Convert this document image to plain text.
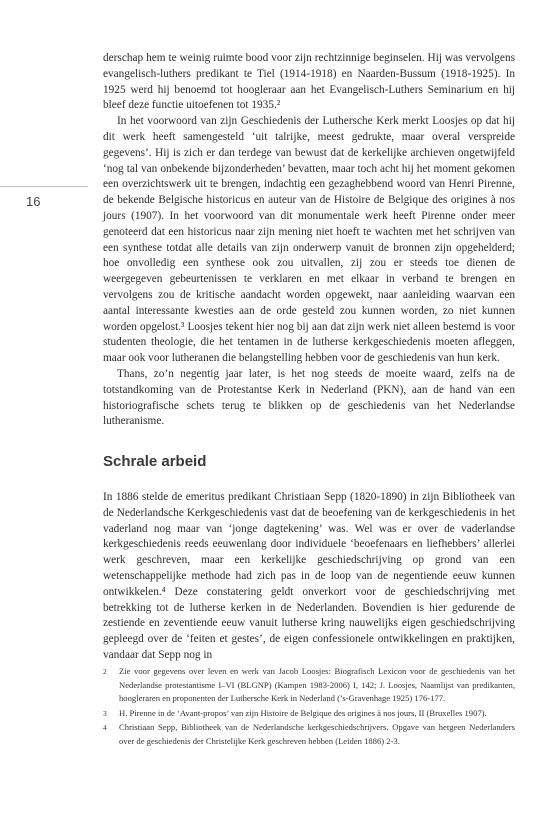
16

derschap hem te weinig ruimte bood voor zijn rechtzinnige beginselen. Hij was vervolgens evangelisch-luthers predikant te Tiel (1914-1918) en Naarden-Bussum (1918-1925). In 1925 werd hij benoemd tot hoogleraar aan het Evangelisch-Luthers Seminarium en hij bleef deze functie uitoefenen tot 1935.²

In het voorwoord van zijn Geschiedenis der Luthersche Kerk merkt Loosjes op dat hij dit werk heeft samengesteld ‘uit talrijke, meest gedrukte, maar overal verspreide gegevens’. Hij is zich er dan terdege van bewust dat de kerkelijke archieven ongetwijfeld ‘nog tal van onbekende bijzonderheden’ bevatten, maar toch acht hij het moment gekomen een overzichtswerk uit te brengen, indachtig een gezaghebbend woord van Henri Pirenne, de bekende Belgische historicus en auteur van de Histoire de Belgique des origines à nos jours (1907). In het voorwoord van dit monumentale werk heeft Pirenne onder meer genoteerd dat een historicus naar zijn mening niet hoeft te wachten met het schrijven van een synthese totdat alle details van zijn onderwerp vanuit de bronnen zijn opgehelderd; hoe onvolledig een synthese ook zou uitvallen, zij zou er steeds toe dienen de weergegeven gebeurtenissen te verklaren en met elkaar in verband te brengen en vervolgens zou de kritische aandacht worden opgewekt, naar aanleiding waarvan een aantal interessante kwesties aan de orde gesteld zou kunnen worden, zo niet kunnen worden opgelost.³ Loosjes tekent hier nog bij aan dat zijn werk niet alleen bestemd is voor studenten theologie, die het tentamen in de lutherse kerkgeschiedenis moeten afleggen, maar ook voor lutheranen die belangstelling hebben voor de geschiedenis van hun kerk.

Thans, zo’n negentig jaar later, is het nog steeds de moeite waard, zelfs na de totstandkoming van de Protestantse Kerk in Nederland (PKN), aan de hand van een historiografische schets terug te blikken op de geschiedenis van het Nederlandse lutheranisme.

Schrale arbeid

In 1886 stelde de emeritus predikant Christiaan Sepp (1820-1890) in zijn Bibliotheek van de Nederlandsche Kerkgeschiedenis vast dat de beoefening van de kerkgeschiedenis in het vaderland nog maar van ‘jonge dagtekening’ was. Wel was er over de vaderlandse kerkgeschiedenis reeds eeuwenlang door individuele ‘beoefenaars en liefhebbers’ allerlei werk geschreven, maar een kerkelijke geschiedschrijving op grond van een wetenschappelijke methode had zich pas in de loop van de negentiende eeuw kunnen ontwikkelen.⁴ Deze constatering geldt onverkort voor de geschiedschrijving met betrekking tot de lutherse kerken in de Nederlanden. Bovendien is hier gedurende de zestiende en zeventiende eeuw vanuit lutherse kring nauwelijks eigen geschiedschrijving gepleegd over de ‘feiten et gestes’, de eigen confessionele ontwikkelingen en praktijken, vandaar dat Sepp nog in

2 Zie voor gegevens over leven en werk van Jacob Loosjes: Biografisch Lexicon voor de geschiedenis van het Nederlandse protestantisme I–VI (BLGNP) (Kampen 1983-2006) I, 142; J. Loosjes, Naamlijst van predikanten, hoogleraren en proponenten der Luthersche Kerk in Nederland (’s-Gravenhage 1925) 176-177.
3 H. Pirenne in de ‘Avant-propos’ van zijn Histoire de Belgique des origines à nos jours, II (Bruxelles 1907).
4 Christiaan Sepp, Bibliotheek van de Nederlandsche kerkgeschiedschrijvers. Opgave van hetgeen Nederlanders over de geschiedenis der Christelijke Kerk geschreven hebben (Leiden 1886) 2-3.
